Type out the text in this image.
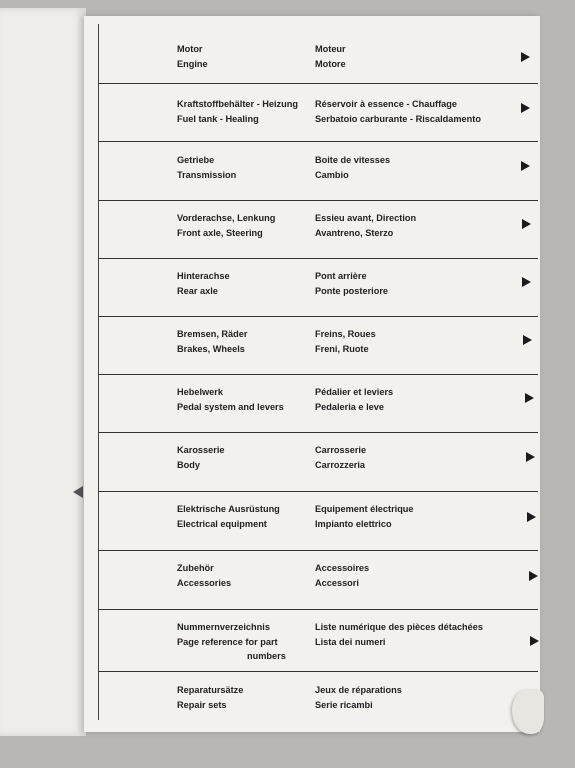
Motor
Engine
Moteur
Motore
Kraftstoffbehälter - Heizung
Fuel tank - Healing
Réservoir à essence - Chauffage
Serbatoio carburante - Riscaldamento
Getriebe
Transmission
Boite de vitesses
Cambio
Vorderachse, Lenkung
Front axle, Steering
Essieu avant, Direction
Avantreno, Sterzo
Hinterachse
Rear axle
Pont arrière
Ponte posteriore
Bremsen, Räder
Brakes, Wheels
Freins, Roues
Freni, Ruote
Hebelwerk
Pedal system and levers
Pédalier et leviers
Pedaleria e leve
Karosserie
Body
Carrosserie
Carrozzeria
Elektrische Ausrüstung
Electrical equipment
Equipement électrique
Impianto elettrico
Zubehör
Accessories
Accessoires
Accessori
Nummernverzeichnis
Page reference for part
numbers
Liste numérique des pièces détachées
Lista dei numeri
Reparatursätze
Repair sets
Jeux de réparations
Serie ricambi
